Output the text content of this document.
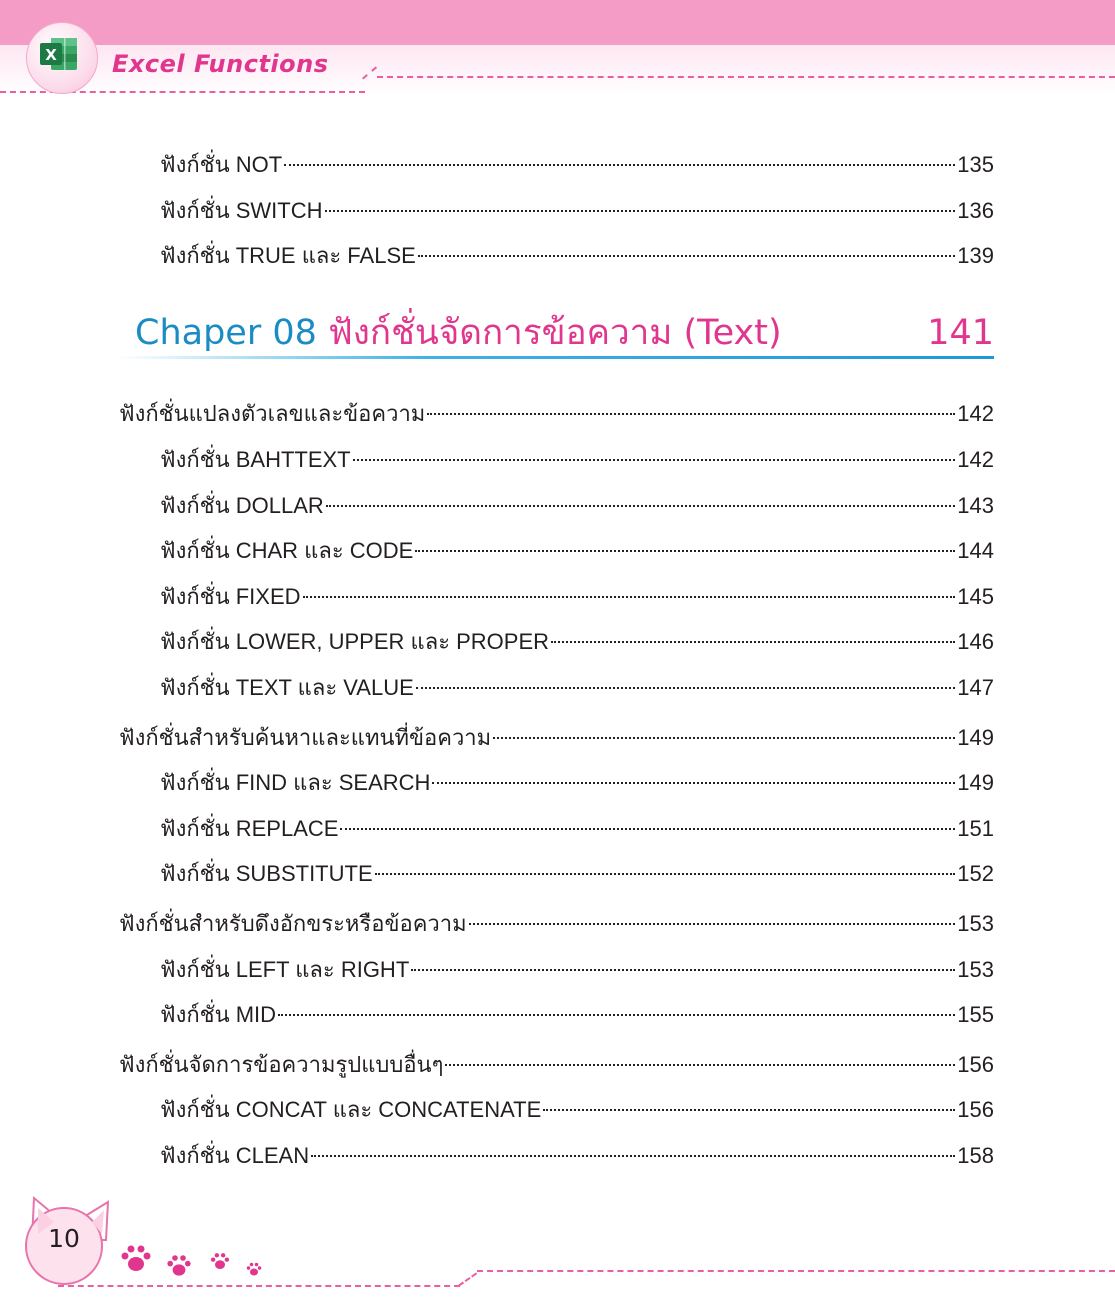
X Excel Functions
ฟังก์ชั่น NOT	135
ฟังก์ชั่น SWITCH	136
ฟังก์ชั่น TRUE และ FALSE	139
Chaper 08 ฟังก์ชั่นจัดการข้อความ (Text)	141
ฟังก์ชั่นแปลงตัวเลขและข้อความ	142
ฟังก์ชั่น BAHTTEXT	142
ฟังก์ชั่น DOLLAR	143
ฟังก์ชั่น CHAR และ CODE	144
ฟังก์ชั่น FIXED	145
ฟังก์ชั่น LOWER, UPPER และ PROPER	146
ฟังก์ชั่น TEXT และ VALUE	147
ฟังก์ชั่นสำหรับค้นหาและแทนที่ข้อความ	149
ฟังก์ชั่น FIND และ SEARCH	149
ฟังก์ชั่น REPLACE	151
ฟังก์ชั่น SUBSTITUTE	152
ฟังก์ชั่นสำหรับดึงอักขระหรือข้อความ	153
ฟังก์ชั่น LEFT และ RIGHT	153
ฟังก์ชั่น MID	155
ฟังก์ชั่นจัดการข้อความรูปแบบอื่นๆ	156
ฟังก์ชั่น CONCAT และ CONCATENATE	156
ฟังก์ชั่น CLEAN	158
10
